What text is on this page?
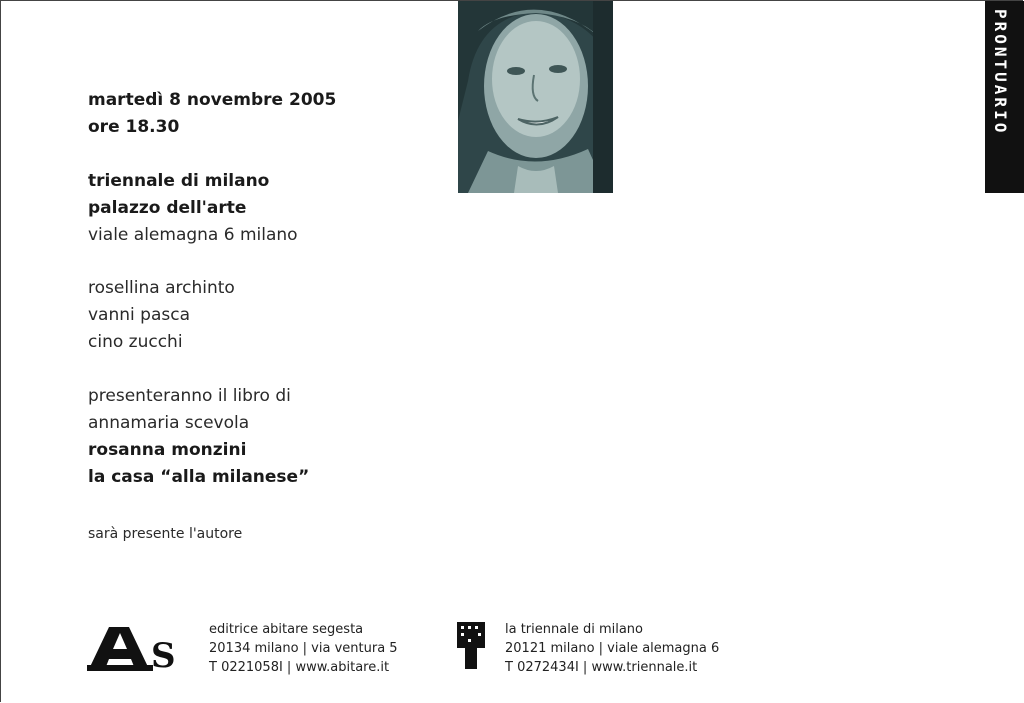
martedì 8 novembre 2005
ore 18.30
triennale di milano
palazzo dell'arte
viale alemagna 6 milano
rosellina archinto
vanni pasca
cino zucchi
presenteranno il libro di
annamaria scevola
rosanna monzini
la casa “alla milanese”
sarà presente l'autore
PRONTUARIO
S
editrice abitare segesta
20134 milano | via ventura 5
T 0221058I | www.abitare.it
la triennale di milano
20121 milano | viale alemagna 6
T 0272434I | www.triennale.it
